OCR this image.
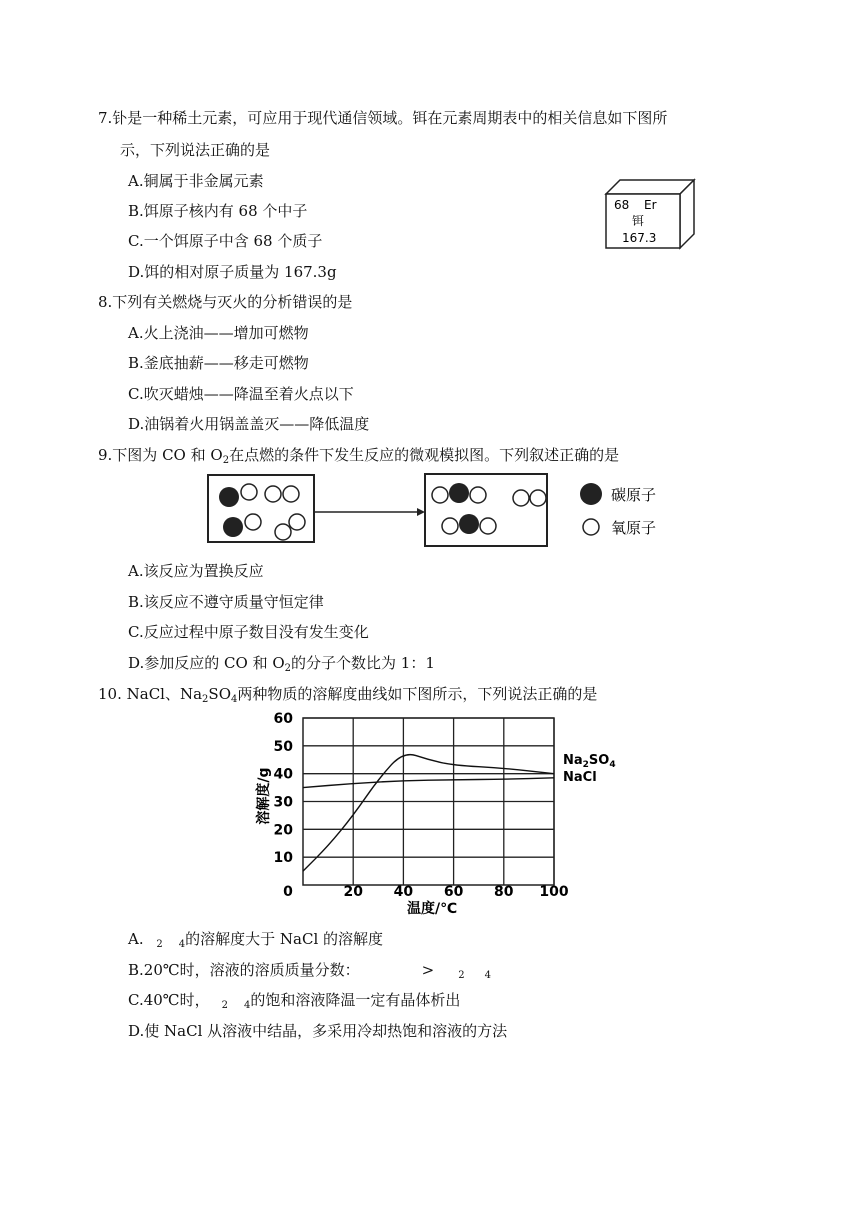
7.钋是一种稀土元素，可应用于现代通信领域。铒在元素周期表中的相关信息如下图所
示，下列说法正确的是
A.铜属于非金属元素
B.饵原子核内有 68 个中子
C.一个饵原子中含 68 个质子
D.饵的相对原子质量为 167.3g
68 Er
铒
167.3
8.下列有关燃烧与灭火的分析错误的是
A.火上浇油——增加可燃物
B.釜底抽薪——移走可燃物
C.吹灭蜡烛——降温至着火点以下
D.油锅着火用锅盖盖灭——降低温度
9.下图为 CO 和 $O_2$在点燃的条件下发生反应的微观模拟图。下列叙述正确的是
碳原子
氧原子
A.该反应为置换反应
B.该反应不遵守质量守恒定律
C.反应过程中原子数目没有发生变化
D.参加反应的 CO 和 $O_2$的分子个数比为 1：1
10. NaCl、$Na_2SO_4$两种物质的溶解度曲线如下图所示，下列说法正确的是
10
20
30
40
50
60
0	20 40 60 80 100
溶解度/g
温度/℃
$Na_2SO_4$
NaCl
A. $_2$ $_4$的溶解度大于 NaCl 的溶解度
B.20℃时，溶液的溶质质量分数：	> $_2$ $_4$
C.40℃时， $_2$ $_4$的饱和溶液降温一定有晶体析出
D.使 NaCl 从溶液中结晶，多采用冷却热饱和溶液的方法
